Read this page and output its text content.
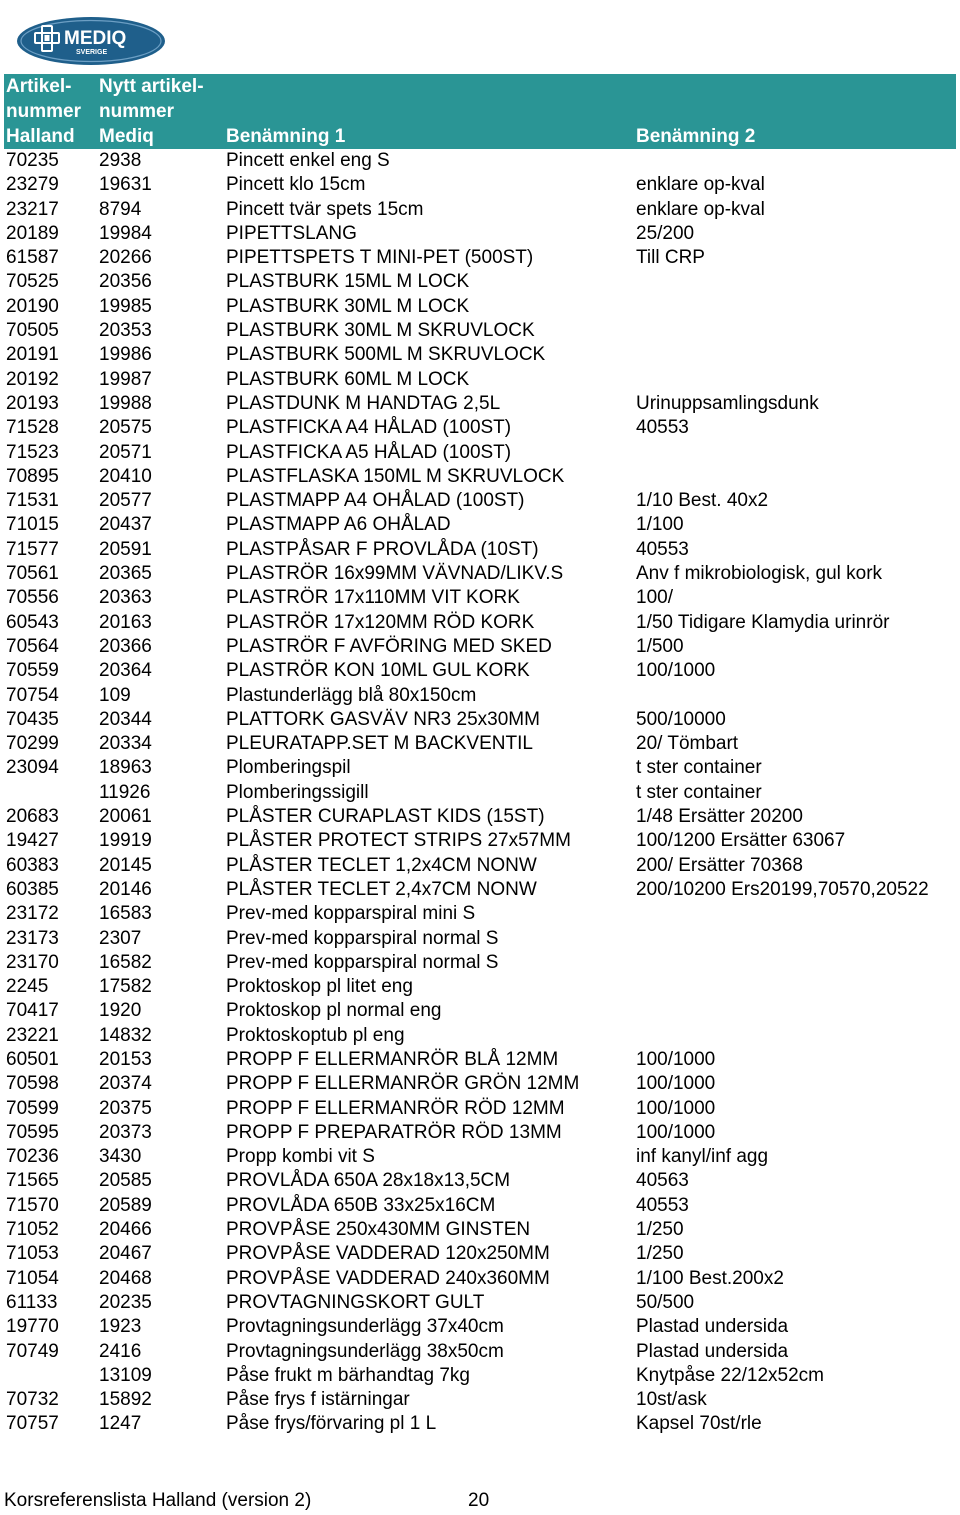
MEDIQ
SVERIGE
Artikel-
nummer
Halland	Nytt artikel-
nummer
Mediq	Benämning 1	Benämning 2

70235	2938	Pincett enkel eng S	
23279	19631	Pincett klo 15cm	enklare op-kval
23217	8794	Pincett tvär spets 15cm	enklare op-kval
20189	19984	PIPETTSLANG	25/200
61587	20266	PIPETTSPETS T MINI-PET (500ST)	Till CRP
70525	20356	PLASTBURK 15ML M LOCK	
20190	19985	PLASTBURK 30ML M LOCK	
70505	20353	PLASTBURK 30ML M SKRUVLOCK	
20191	19986	PLASTBURK 500ML M SKRUVLOCK	
20192	19987	PLASTBURK 60ML M LOCK	
20193	19988	PLASTDUNK M HANDTAG 2,5L	Urinuppsamlingsdunk
71528	20575	PLASTFICKA A4 HÅLAD (100ST)	40553
71523	20571	PLASTFICKA A5 HÅLAD (100ST)	
70895	20410	PLASTFLASKA 150ML M SKRUVLOCK	
71531	20577	PLASTMAPP A4 OHÅLAD (100ST)	1/10 Best. 40x2
71015	20437	PLASTMAPP A6 OHÅLAD	1/100
71577	20591	PLASTPÅSAR F PROVLÅDA (10ST)	40553
70561	20365	PLASTRÖR 16x99MM VÄVNAD/LIKV.S	Anv f mikrobiologisk, gul kork
70556	20363	PLASTRÖR 17x110MM VIT KORK	100/
60543	20163	PLASTRÖR 17x120MM RÖD KORK	1/50 Tidigare Klamydia urinrör
70564	20366	PLASTRÖR F AVFÖRING MED SKED	1/500
70559	20364	PLASTRÖR KON 10ML GUL KORK	100/1000
70754	109	Plastunderlägg blå 80x150cm	
70435	20344	PLATTORK GASVÄV NR3 25x30MM	500/10000
70299	20334	PLEURATAPP.SET M BACKVENTIL	20/ Tömbart
23094	18963	Plomberingspil	t ster container
	11926	Plomberingssigill	t ster container
20683	20061	PLÅSTER CURAPLAST KIDS (15ST)	1/48 Ersätter 20200
19427	19919	PLÅSTER PROTECT STRIPS 27x57MM	100/1200 Ersätter 63067
60383	20145	PLÅSTER TECLET 1,2x4CM NONW	200/ Ersätter 70368
60385	20146	PLÅSTER TECLET 2,4x7CM NONW	200/10200 Ers20199,70570,20522
23172	16583	Prev-med kopparspiral mini S	
23173	2307	Prev-med kopparspiral normal S	
23170	16582	Prev-med kopparspiral normal S	
2245	17582	Proktoskop pl litet eng	
70417	1920	Proktoskop pl normal eng	
23221	14832	Proktoskoptub pl eng	
60501	20153	PROPP F ELLERMANRÖR BLÅ 12MM	100/1000
70598	20374	PROPP F ELLERMANRÖR GRÖN 12MM	100/1000
70599	20375	PROPP F ELLERMANRÖR RÖD 12MM	100/1000
70595	20373	PROPP F PREPARATRÖR RÖD 13MM	100/1000
70236	3430	Propp kombi vit S	inf kanyl/inf agg
71565	20585	PROVLÅDA 650A 28x18x13,5CM	40563
71570	20589	PROVLÅDA 650B 33x25x16CM	40553
71052	20466	PROVPÅSE 250x430MM GINSTEN	1/250
71053	20467	PROVPÅSE VADDERAD 120x250MM	1/250
71054	20468	PROVPÅSE VADDERAD 240x360MM	1/100 Best.200x2
61133	20235	PROVTAGNINGSKORT GULT	50/500
19770	1923	Provtagningsunderlägg 37x40cm	Plastad undersida
70749	2416	Provtagningsunderlägg 38x50cm	Plastad undersida
	13109	Påse frukt m bärhandtag 7kg	Knytpåse 22/12x52cm
70732	15892	Påse frys f istärningar	10st/ask
70757	1247	Påse frys/förvaring pl 1 L	Kapsel 70st/rle
Korsreferenslista Halland (version 2)	20
